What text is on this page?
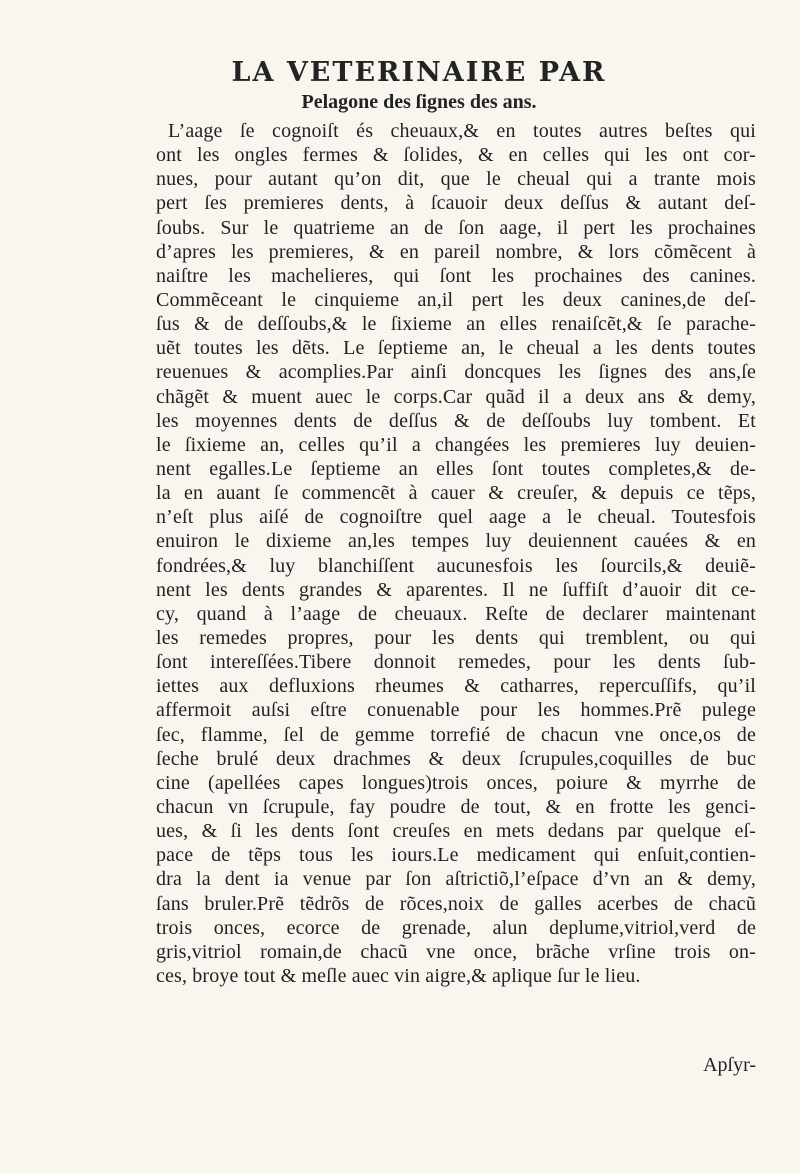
LA VETERINAIRE PAR
Pelagone des ſignes des ans.
L’aage ſe cognoiſt és cheuaux,& en toutes autres beſtes qui
ont les ongles fermes & ſolides, & en celles qui les ont cor-
nues, pour autant qu’on dit, que le cheual qui a trante mois
pert ſes premieres dents, à ſcauoir deux deſſus & autant deſ-
ſoubs. Sur le quatrieme an de ſon aage, il pert les prochaines
d’apres les premieres, & en pareil nombre, & lors cõmẽcent à
naiſtre les machelieres, qui ſont les prochaines des canines.
Commẽceant le cinquieme an,il pert les deux canines,de deſ-
ſus & de deſſoubs,& le ſixieme an elles renaiſcẽt,& ſe parache-
uẽt toutes les dẽts. Le ſeptieme an, le cheual a les dents toutes
reuenues & acomplies.Par ainſi doncques les ſignes des ans,ſe
chãgẽt & muent auec le corps.Car quãd il a deux ans & demy,
les moyennes dents de deſſus & de deſſoubs luy tombent. Et
le ſixieme an, celles qu’il a changées les premieres luy deuien-
nent egalles.Le ſeptieme an elles ſont toutes completes,& de-
la en auant ſe commencẽt à cauer & creuſer, & depuis ce tẽps,
n’eſt plus aiſé de cognoiſtre quel aage a le cheual. Toutesfois
enuiron le dixieme an,les tempes luy deuiennent cauées & en
fondrées,& luy blanchiſſent aucunesfois les ſourcils,& deuiẽ-
nent les dents grandes & aparentes. Il ne ſuffiſt d’auoir dit ce-
cy, quand à l’aage de cheuaux. Reſte de declarer maintenant
les remedes propres, pour les dents qui tremblent, ou qui
ſont intereſſées.Tibere donnoit remedes, pour les dents ſub-
iettes aux defluxions rheumes & catharres, repercuſſifs, qu’il
affermoit auſsi eſtre conuenable pour les hommes.Prẽ pulege
ſec, flamme, ſel de gemme torrefié de chacun vne once,os de
ſeche brulé deux drachmes & deux ſcrupules,coquilles de buc
cine (apellées capes longues)trois onces, poiure & myrrhe de
chacun vn ſcrupule, fay poudre de tout, & en frotte les genci-
ues, & ſi les dents ſont creuſes en mets dedans par quelque eſ-
pace de tẽps tous les iours.Le medicament qui enſuit,contien-
dra la dent ia venue par ſon aſtrictiõ,l’eſpace d’vn an & demy,
ſans bruler.Prẽ tẽdrõs de rõces,noix de galles acerbes de chacũ
trois onces, ecorce de grenade, alun deplume,vitriol,verd de
gris,vitriol romain,de chacũ vne once, brãche vrſine trois on-
ces, broye tout & meſle auec vin aigre,& aplique ſur le lieu.
Apſyr-
